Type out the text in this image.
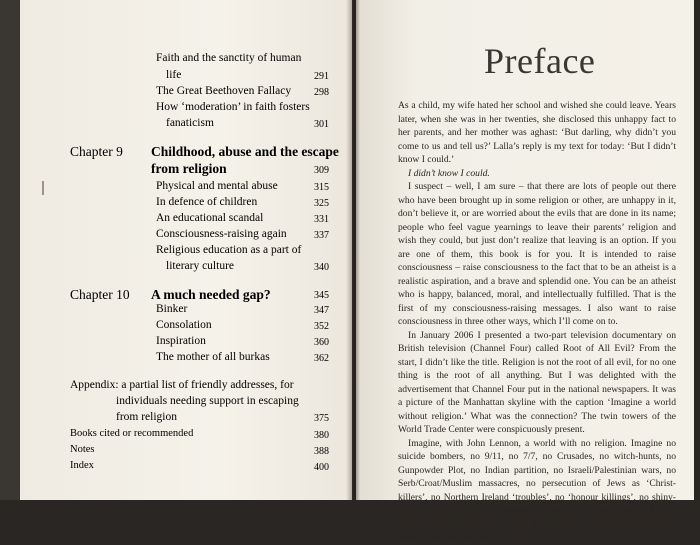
Faith and the sanctity of human
life	291
The Great Beethoven Fallacy 298
How ‘moderation’ in faith fosters
fanaticism	301
Chapter 9 Childhood, abuse and the escape
from religion	309
Physical and mental abuse	315
In defence of children	325
An educational scandal	331
Consciousness-raising again	337
Religious education as a part of
literary culture	340
Chapter 10 A much needed gap?	345
Binker	347
Consolation	352
Inspiration	360
The mother of all burkas	362
Appendix: a partial list of friendly addresses, for
individuals needing support in escaping
from religion	375
Books cited or recommended	380
Notes	388
Index	400
Preface

As a child, my wife hated her school and wished she could leave. Years later, when she was in her twenties, she disclosed this unhappy fact to her parents, and her mother was aghast: ‘But darling, why didn’t you come to us and tell us?’ Lalla’s reply is my text for today: ‘But I didn’t know I could.’

I didn’t know I could.

I suspect – well, I am sure – that there are lots of people out there who have been brought up in some religion or other, are unhappy in it, don’t believe it, or are worried about the evils that are done in its name; people who feel vague yearnings to leave their parents’ religion and wish they could, but just don’t realize that leaving is an option. If you are one of them, this book is for you. It is intended to raise consciousness – raise consciousness to the fact that to be an atheist is a realistic aspiration, and a brave and splendid one. You can be an atheist who is happy, balanced, moral, and intellectually fulfilled. That is the first of my consciousness-raising messages. I also want to raise consciousness in three other ways, which I’ll come on to.

In January 2006 I presented a two-part television documentary on British television (Channel Four) called Root of All Evil? From the start, I didn’t like the title. Religion is not the root of all evil, for no one thing is the root of all anything. But I was delighted with the advertisement that Channel Four put in the national newspapers. It was a picture of the Manhattan skyline with the caption ‘Imagine a world without religion.’ What was the connection? The twin towers of the World Trade Center were conspicuously present.

Imagine, with John Lennon, a world with no religion. Imagine no suicide bombers, no 9/11, no 7/7, no Crusades, no witch-hunts, no Gunpowder Plot, no Indian partition, no Israeli/Palestinian wars, no Serb/Croat/Muslim massacres, no persecution of Jews as ‘Christ-killers’, no Northern Ireland ‘troubles’, no ‘honour killings’, no shiny-suited bouffant-haired televangelists fleecing gullible people of their money (‘God wants you to give till it hurts’). Imagine no Taliban to blow up ancient statues, no public
